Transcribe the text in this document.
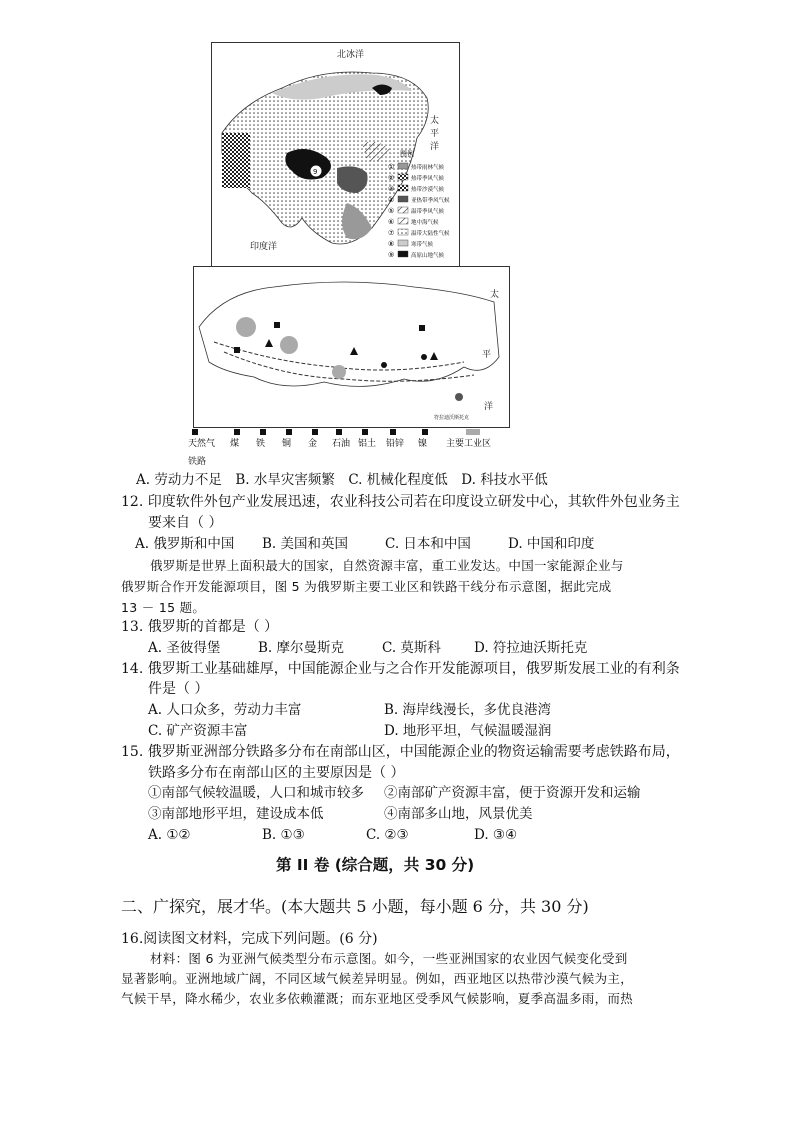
9
北冰洋
太
平
洋
印度洋
图例
①	热带雨林气候
②	热带季风气候
③	热带沙漠气候
④	亚热带季风气候
⑤	温带季风气候
⑥	地中海气候
⑦	温带大陆性气候
⑧	寒带气候
⑨	高原山地气候
太
平
洋
符拉迪沃斯托克
天然气 煤 铁 铜 金 石油 铝土 铅锌 镍 主要工业区
铁路
A. 劳动力不足　B. 水旱灾害频繁　C. 机械化程度低　D. 科技水平低
12. 印度软件外包产业发展迅速，农业科技公司若在印度设立研发中心，其软件外包业务主
要来自（ ）
A. 俄罗斯和中国 B. 美国和英国	C. 日本和中国	D. 中国和印度
俄罗斯是世界上面积最大的国家，自然资源丰富，重工业发达。中国一家能源企业与
俄罗斯合作开发能源项目，图 5 为俄罗斯主要工业区和铁路干线分布示意图，据此完成
13 － 15 题。
13. 俄罗斯的首都是（ ）
A. 圣彼得堡	B. 摩尔曼斯克	C. 莫斯科 D. 符拉迪沃斯托克
14. 俄罗斯工业基础雄厚，中国能源企业与之合作开发能源项目，俄罗斯发展工业的有利条
件是（ ）
A. 人口众多，劳动力丰富	B. 海岸线漫长，多优良港湾
C. 矿产资源丰富	D. 地形平坦，气候温暖湿润
15. 俄罗斯亚洲部分铁路多分布在南部山区，中国能源企业的物资运输需要考虑铁路布局，
铁路多分布在南部山区的主要原因是（ ）
①南部气候较温暖，人口和城市较多 ②南部矿产资源丰富，便于资源开发和运输
③南部地形平坦，建设成本低	④南部多山地，风景优美
A. ①②	B. ①③	C. ②③	D. ③④
第 II 卷 (综合题，共 30 分)
二、广探究，展才华。(本大题共 5 小题，每小题 6 分，共 30 分)
16.阅读图文材料，完成下列问题。(6 分)
材料：图 6 为亚洲气候类型分布示意图。如今，一些亚洲国家的农业因气候变化受到
显著影响。亚洲地域广阔，不同区域气候差异明显。例如，西亚地区以热带沙漠气候为主，
气候干旱，降水稀少，农业多依赖灌溉；而东亚地区受季风气候影响，夏季高温多雨，而热
